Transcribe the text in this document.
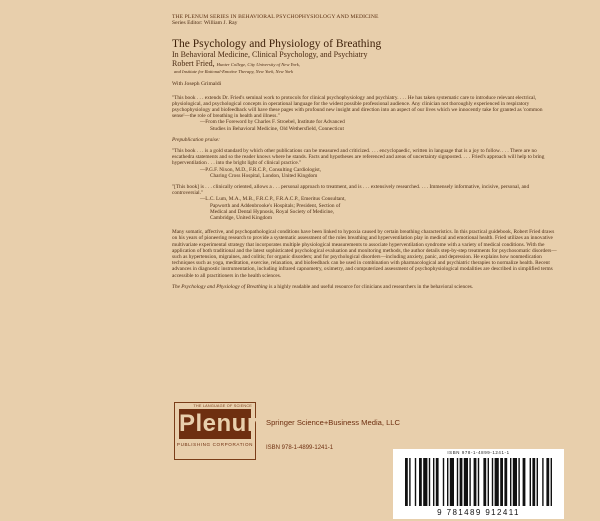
THE PLENUM SERIES IN BEHAVIORAL PSYCHOPHYSIOLOGY AND MEDICINE
Series Editor: William J. Ray
The Psychology and Physiology of Breathing
In Behavioral Medicine, Clinical Psychology, and Psychiatry
Robert Fried, Hunter College, City University of New York,
and Institute for Rational-Emotive Therapy, New York, New York
With Joseph Grimaldi

"This book . . . extends Dr. Fried's seminal work to protocols for clinical psychophysiology and psychiatry. . . . He has taken systematic care to introduce relevant electrical, physiological, and psychological concepts in operational language for the widest possible professional audience. Any clinician not thoroughly experienced in respiratory psychophysiology and biofeedback will have these pages with profound new insight and direction into an aspect of our lives which we innocently take for granted as 'common sense'—the role of breathing in health and illness."

—From the Foreword by Charles F. Stroebel, Institute for Advanced

Studies in Behavioral Medicine, Old Wethersfield, Connecticut

Prepublication praise:

"This book . . . is a gold standard by which other publications can be measured and criticized. . . . encyclopaedic, written in language that is a joy to follow. . . . There are no escathedra statements and so the reader knows where he stands. Facts and hypotheses are referenced and areas of uncertainty signposted. . . . Fried's approach will help to bring hyperventilation . . . into the bright light of clinical practice."

—P.G.F. Nixon, M.D., F.R.C.P., Consulting Cardiologist,

Charing Cross Hospital, London, United Kingdom

"[This book] is . . . clinically oriented, allows a . . . personal approach to treatment, and is . . . extensively researched. . . . Immensely informative, incisive, personal, and controversial."

—L.C. Lum, M.A., M.B., F.R.C.P., F.R.A.C.P., Emeritus Consultant,

Papworth and Addenbrooke's Hospitals; President, Section of

Medical and Dental Hypnosis, Royal Society of Medicine,

Cambridge, United Kingdom

Many somatic, affective, and psychopathological conditions have been linked to hypoxia caused by certain breathing characteristics. In this practical guidebook, Robert Fried draws on his years of pioneering research to provide a systematic assessment of the roles breathing and hyperventilation play in medical and emotional health. Fried utilizes an innovative multivariate experimental strategy that incorporates multiple physiological measurements to associate hyperventilation syndrome with a variety of medical conditions. With the application of both traditional and the latest sophisticated psychological evaluation and monitoring methods, the author details step-by-step treatments for psychosomatic disorders—such as hypertension, migraines, and colitis; for organic disorders; and for psychological disorders—including anxiety, panic, and depression. He explains how nonmedication techniques such as yoga, meditation, exercise, relaxation, and biofeedback can be used in combination with pharmacological and psychiatric therapies to normalize health. Recent advances in diagnostic instrumentation, including infrared capnometry, oximetry, and computerized assessment of psychophysiological modalities are described in simplified terms accessible to all practitioners in the health sciences.

The Psychology and Physiology of Breathing is a highly readable and useful resource for clinicians and researchers in the behavioral sciences.

THE LANGUAGE OF SCIENCE
Plenum
PUBLISHING CORPORATION
Springer Science+Business Media, LLC
ISBN 978-1-4899-1241-1
ISBN 978-1-4899-1241-1
9 781489 912411
